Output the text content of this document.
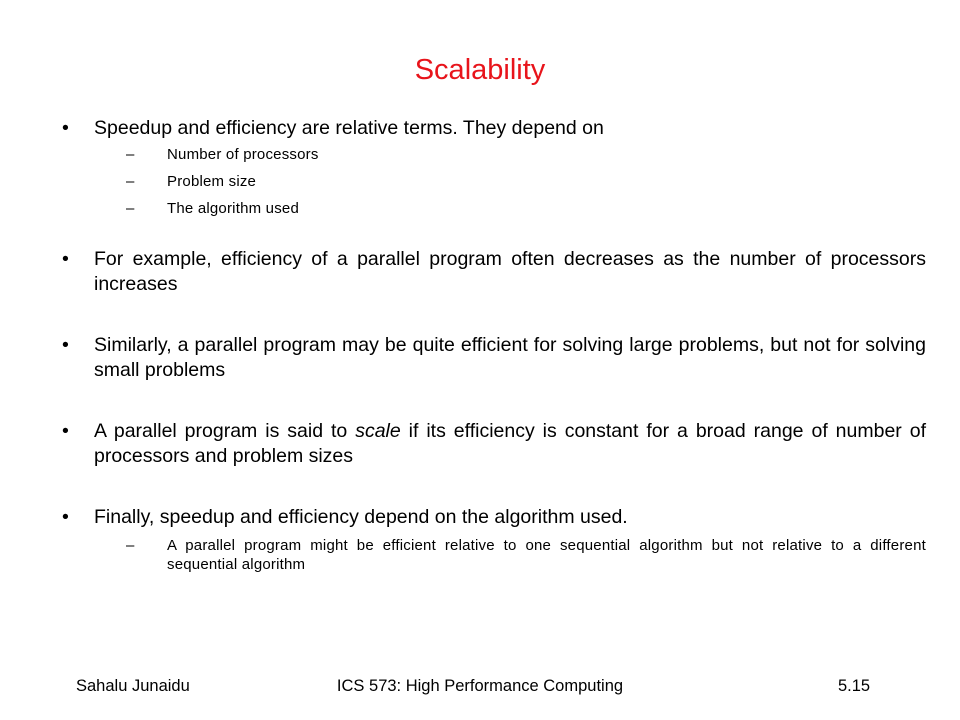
Scalability
• Speedup and efficiency are relative terms. They depend on
– Number of processors
– Problem size
– The algorithm used
• For example, efficiency of a parallel program often decreases as the number of processors increases
• Similarly, a parallel program may be quite efficient for solving large problems, but not for solving small problems
• A parallel program is said to scale if its efficiency is constant for a broad range of number of processors and problem sizes
• Finally, speedup and efficiency depend on the algorithm used.
– A parallel program might be efficient relative to one sequential algorithm but not relative to a different sequential algorithm
Sahalu Junaidu	ICS 573: High Performance Computing	5.15
